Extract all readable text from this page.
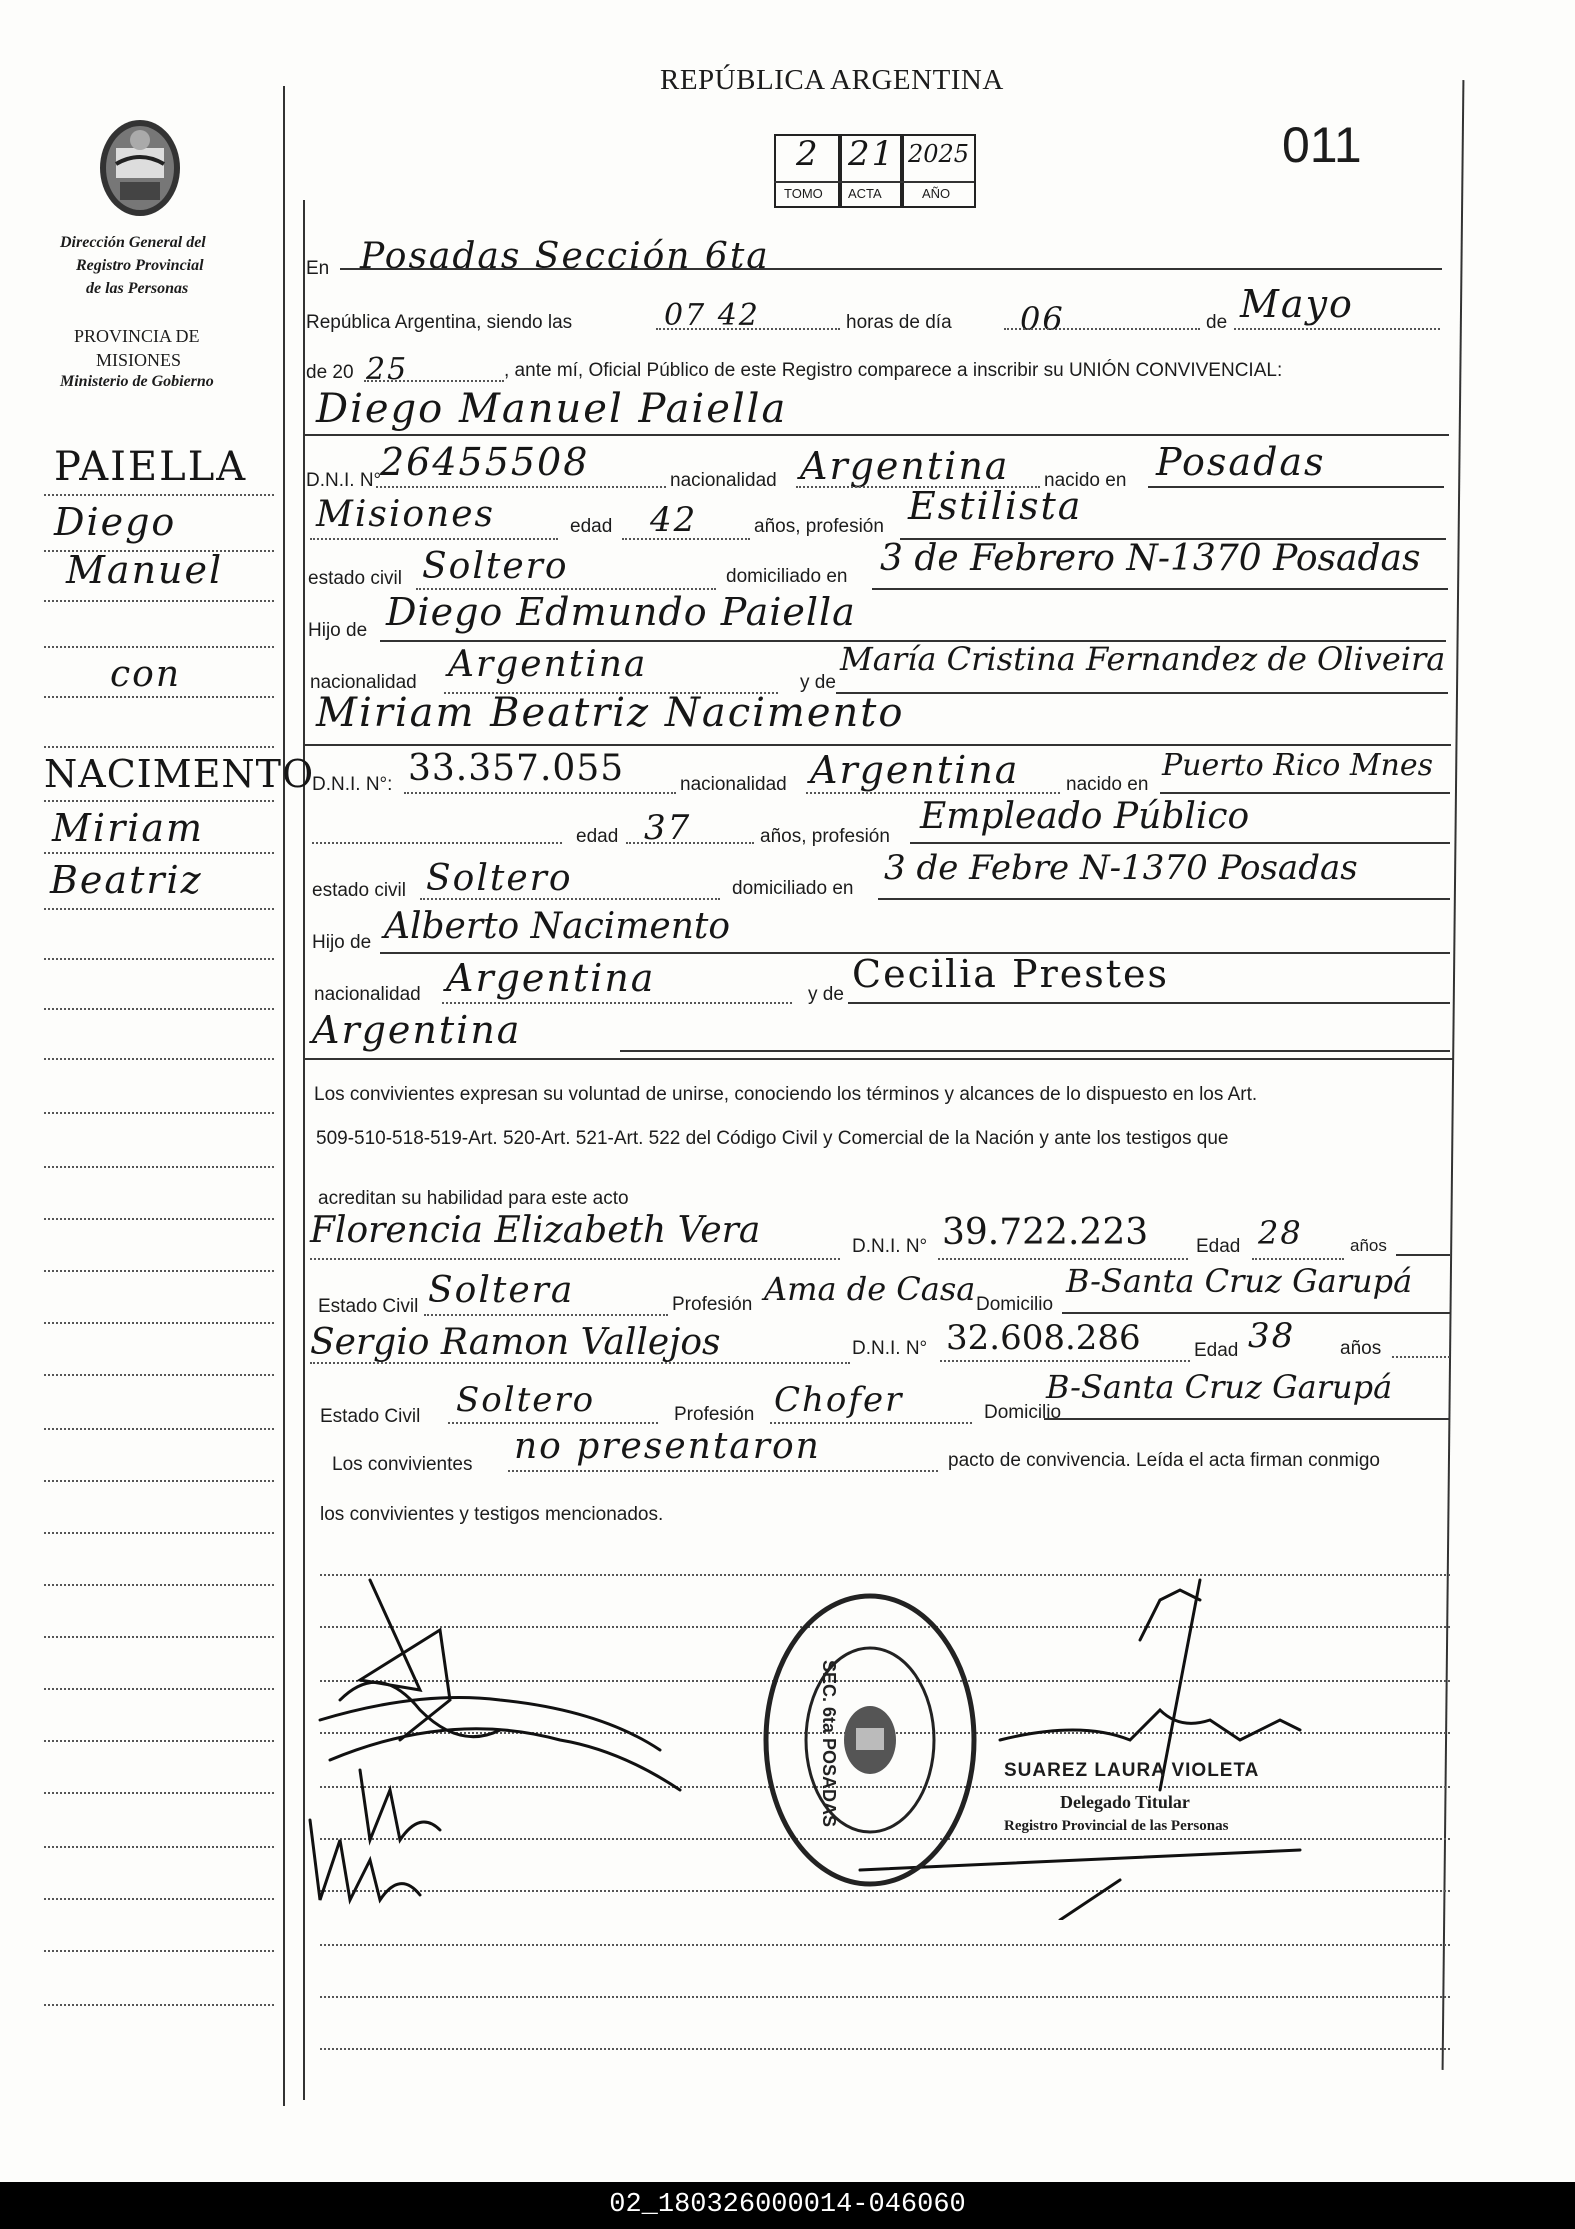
REPÚBLICA ARGENTINA
011
2 21 2025
TOMO ACTA	AÑO
Dirección General del
Registro Provincial
de las Personas
PROVINCIA DE
MISIONES
Ministerio de Gobierno
PAIELLA
Diego
Manuel
con
NACIMENTO
Miriam
Beatriz
En Posadas Sección 6ta
República Argentina, siendo las	07 42	horas de día 06	de Mayo
de 20 25	, ante mí, Oficial Público de este Registro comparece a inscribir su UNIÓN CONVIVENCIAL:
Diego Manuel Paiella
D.N.I. N°
26455508	nacionalidad Argentina nacido en Posadas
Misiones	edad 42	años, profesión Estilista
estado civil Soltero	domiciliado en 3 de Febrero N-1370 Posadas
Hijo de Diego Edmundo Paiella
nacionalidad Argentina	y de
María Cristina Fernandez de Oliveira
Miriam Beatriz Nacimento
D.N.I. N°: 33.357.055	nacionalidad Argentina nacido en
Puerto Rico Mnes
edad 37	años, profesión Empleado Público
estado civil Soltero	domiciliado en
3 de Febre N-1370 Posadas
Hijo de Alberto Nacimento
nacionalidad Argentina	y de Cecilia Prestes
Argentina
Los convivientes expresan su voluntad de unirse, conociendo los términos y alcances de lo dispuesto en los Art.
509-510-518-519-Art. 520-Art. 521-Art. 522 del Código Civil y Comercial de la Nación y ante los testigos que
acreditan su habilidad para este acto
Florencia Elizabeth Vera	D.N.I. N° 39.722.223	Edad 28	años
Estado Civil Soltera	Profesión Ama de Casa Domicilio
B-Santa Cruz Garupá
Sergio Ramon Vallejos	D.N.I. N° 32.608.286	Edad 38 años
Estado Civil Soltero	Profesión Chofer	Domicilio
B-Santa Cruz Garupá
Los convivientes no presentaron	pacto de convivencia. Leída el acta firman conmigo
los convivientes y testigos mencionados.
SEC. 6ta POSADAS	SUAREZ LAURA VIOLETA
Delegado Titular
Registro Provincial de las Personas
02_180326000014-046060
